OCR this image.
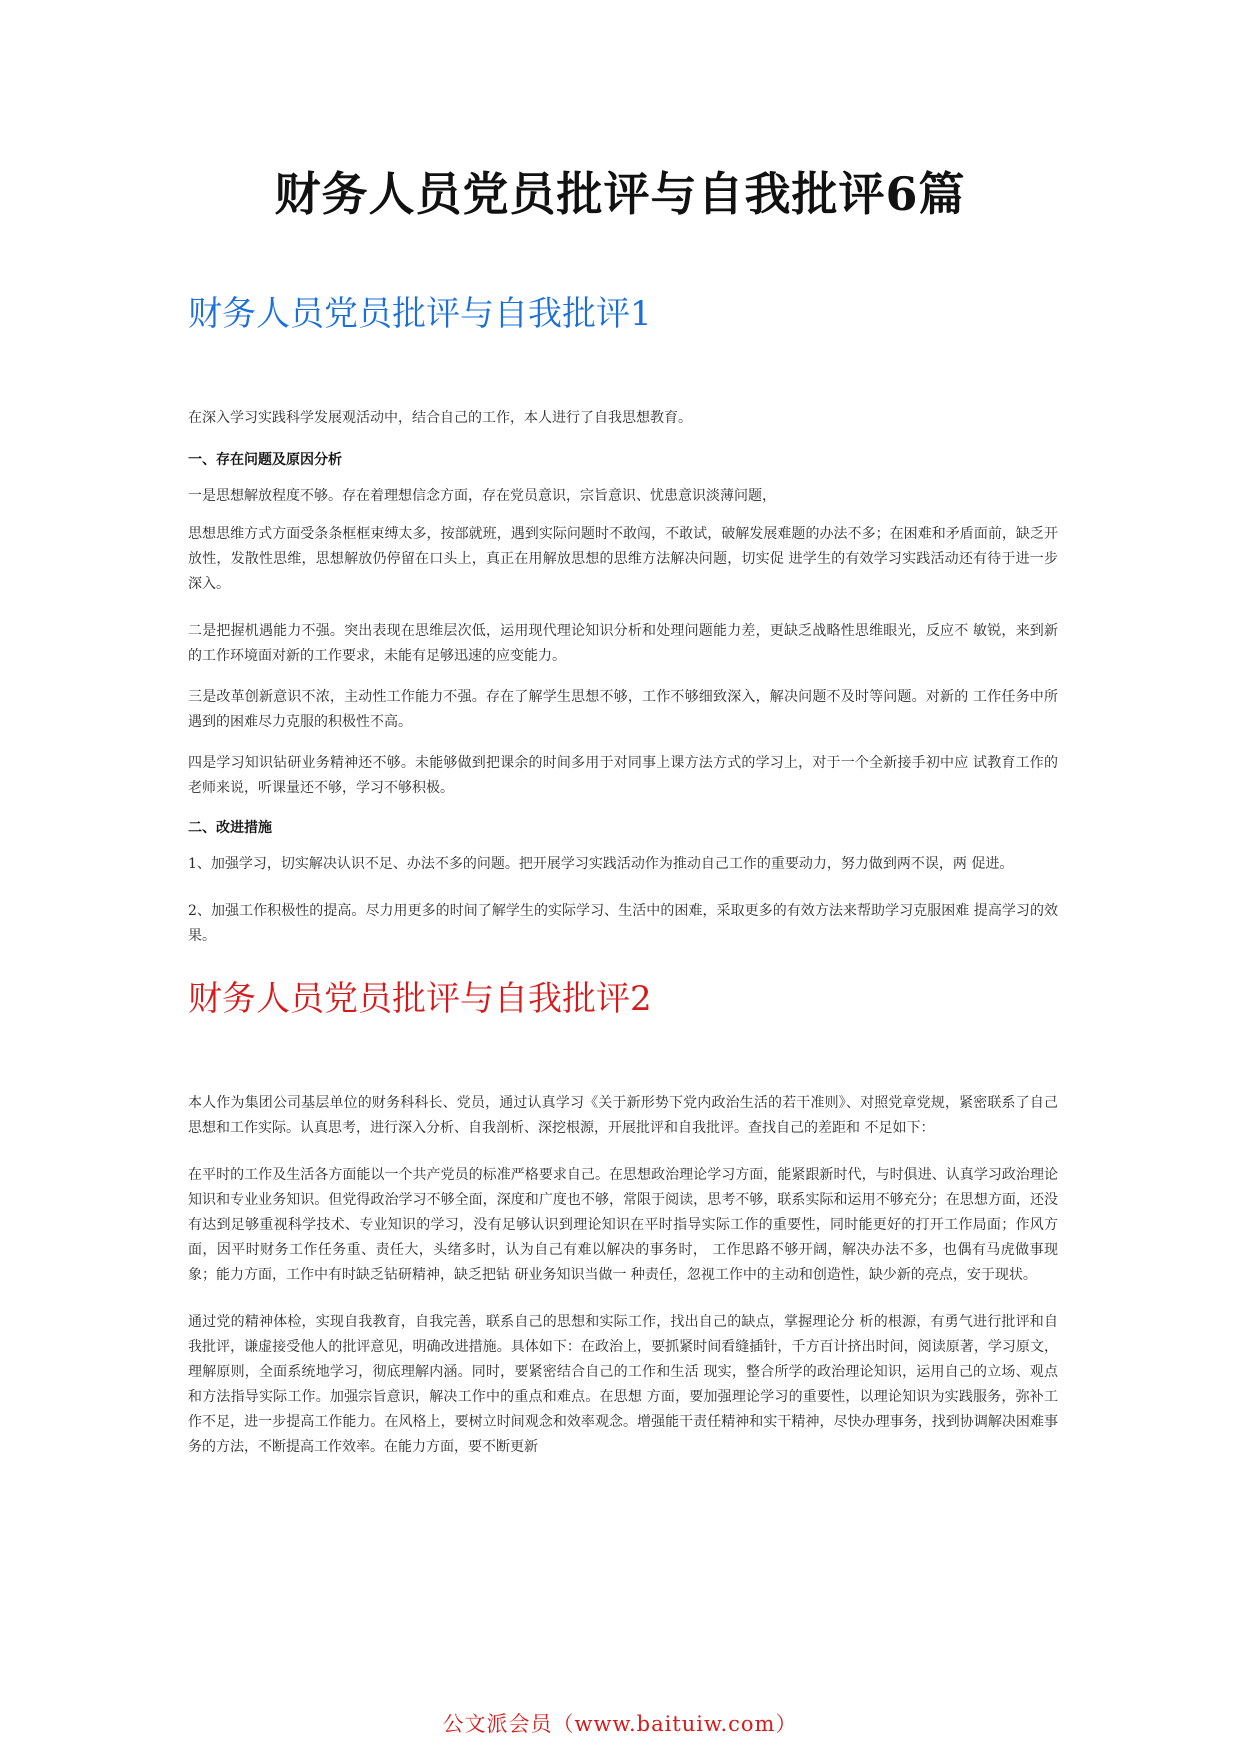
财务人员党员批评与自我批评6篇
财务人员党员批评与自我批评1

在深入学习实践科学发展观活动中，结合自己的工作，本人进行了自我思想教育。

一、存在问题及原因分析

一是思想解放程度不够。存在着理想信念方面，存在党员意识，宗旨意识、忧患意识淡薄问题，

思想思维方式方面受条条框框束缚太多，按部就班，遇到实际问题时不敢闯，不敢试，破解发展难题的办法不多；在困难和矛盾面前，缺乏开放性，发散性思维，思想解放仍停留在口头上，真正在用解放思想的思维方法解决问题，切实促 进学生的有效学习实践活动还有待于进一步深入。

二是把握机遇能力不强。突出表现在思维层次低，运用现代理论知识分析和处理问题能力差，更缺乏战略性思维眼光，反应不 敏锐，来到新的工作环境面对新的工作要求，未能有足够迅速的应变能力。

三是改革创新意识不浓，主动性工作能力不强。存在了解学生思想不够，工作不够细致深入，解决问题不及时等问题。对新的 工作任务中所遇到的困难尽力克服的积极性不高。

四是学习知识钻研业务精神还不够。未能够做到把课余的时间多用于对同事上课方法方式的学习上，对于一个全新接手初中应 试教育工作的老师来说，听课量还不够，学习不够积极。

二、改进措施

1、加强学习，切实解决认识不足、办法不多的问题。把开展学习实践活动作为推动自己工作的重要动力，努力做到两不误，两 促进。

2、加强工作积极性的提高。尽力用更多的时间了解学生的实际学习、生活中的困难，采取更多的有效方法来帮助学习克服困难 提高学习的效果。

财务人员党员批评与自我批评2

本人作为集团公司基层单位的财务科科长、党员，通过认真学习《关于新形势下党内政治生活的若干准则》、对照党章党规，紧密联系了自己思想和工作实际。认真思考，进行深入分析、自我剖析、深挖根源，开展批评和自我批评。查找自己的差距和 不足如下：

在平时的工作及生活各方面能以一个共产党员的标准严格要求自己。在思想政治理论学习方面，能紧跟新时代，与时俱进、认真学习政治理论知识和专业业务知识。但党得政治学习不够全面，深度和广度也不够，常限于阅读，思考不够，联系实际和运用不够充分；在思想方面，还没有达到足够重视科学技术、专业知识的学习，没有足够认识到理论知识在平时指导实际工作的重要性，同时能更好的打开工作局面；作风方面，因平时财务工作任务重、责任大，头绪多时，认为自己有难以解决的事务时， 工作思路不够开阔，解决办法不多，也偶有马虎做事现象；能力方面，工作中有时缺乏钻研精神，缺乏把钻 研业务知识当做一 种责任，忽视工作中的主动和创造性，缺少新的亮点，安于现状。

通过党的精神体检，实现自我教育，自我完善，联系自己的思想和实际工作，找出自己的缺点，掌握理论分 析的根源，有勇气进行批评和自我批评，谦虚接受他人的批评意见，明确改进措施。具体如下：在政治上，要抓紧时间看缝插针，千方百计挤出时间，阅读原著，学习原文，理解原则，全面系统地学习，彻底理解内涵。同时，要紧密结合自己的工作和生活 现实，整合所学的政治理论知识，运用自己的立场、观点和方法指导实际工作。加强宗旨意识，解决工作中的重点和难点。在思想 方面，要加强理论学习的重要性，以理论知识为实践服务，弥补工作不足，进一步提高工作能力。在风格上，要树立时间观念和效率观念。增强能干责任精神和实干精神，尽快办理事务，找到协调解决困难事务的方法，不断提高工作效率。在能力方面，要不断更新

公文派会员（www.baituiw.com）
